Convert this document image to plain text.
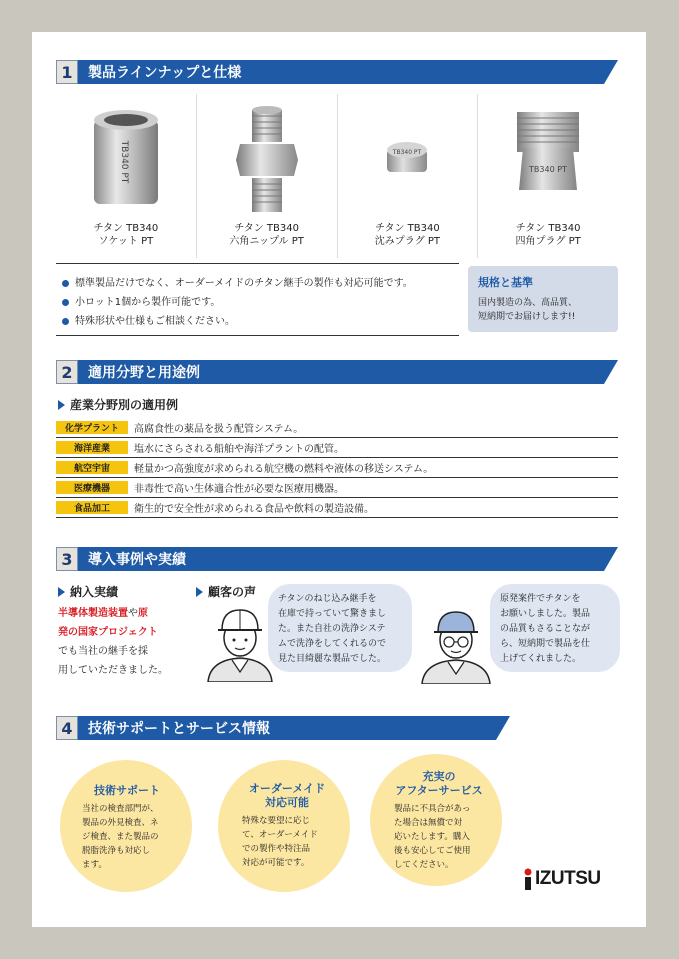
1	製品ラインナップと仕様
TB340 PT
チタン TB340
ソケット PT
チタン TB340
六角ニップル PT
TB340 PT
チタン TB340
沈みプラグ PT
TB340 PT
チタン TB340
四角プラグ PT
標準製品だけでなく、オーダーメイドのチタン継手の製作も対応可能です。
小ロット1個から製作可能です。
特殊形状や仕様もご相談ください。
規格と基準
国内製造の為、高品質、
短納期でお届けします!!
2	適用分野と用途例
産業分野別の適用例
化学プラント	高腐食性の薬品を扱う配管システム。
海洋産業	塩水にさらされる船舶や海洋プラントの配管。
航空宇宙	軽量かつ高強度が求められる航空機の燃料や液体の移送システム。
医療機器	非毒性で高い生体適合性が必要な医療用機器。
食品加工	衛生的で安全性が求められる食品や飲料の製造設備。
3	導入事例や実績
納入実績
半導体製造装置や原
発の国家プロジェクト
でも当社の継手を採
用していただきました。
顧客の声 チタンのねじ込み継手を
在庫で持っていて驚きまし
た。また自社の洗浄システ
ムで洗浄をしてくれるので
見た目綺麗な製品でした。
原発案件でチタンを
お願いしました。製品
の品質もさることなが
ら、短納期で製品を仕
上げてくれました。
4	技術サポートとサービス情報
技術サポート
当社の検査部門が、
製品の外見検査、ネ
ジ検査、また製品の
脱脂洗浄も対応し
ます。
オーダーメイド
対応可能
特殊な要望に応じ
て、オーダーメイド
での製作や特注品
対応が可能です。
充実の
アフターサービス
製品に不具合があっ
た場合は無償で対
応いたします。購入
後も安心してご使用
してください。
IZUTSU
